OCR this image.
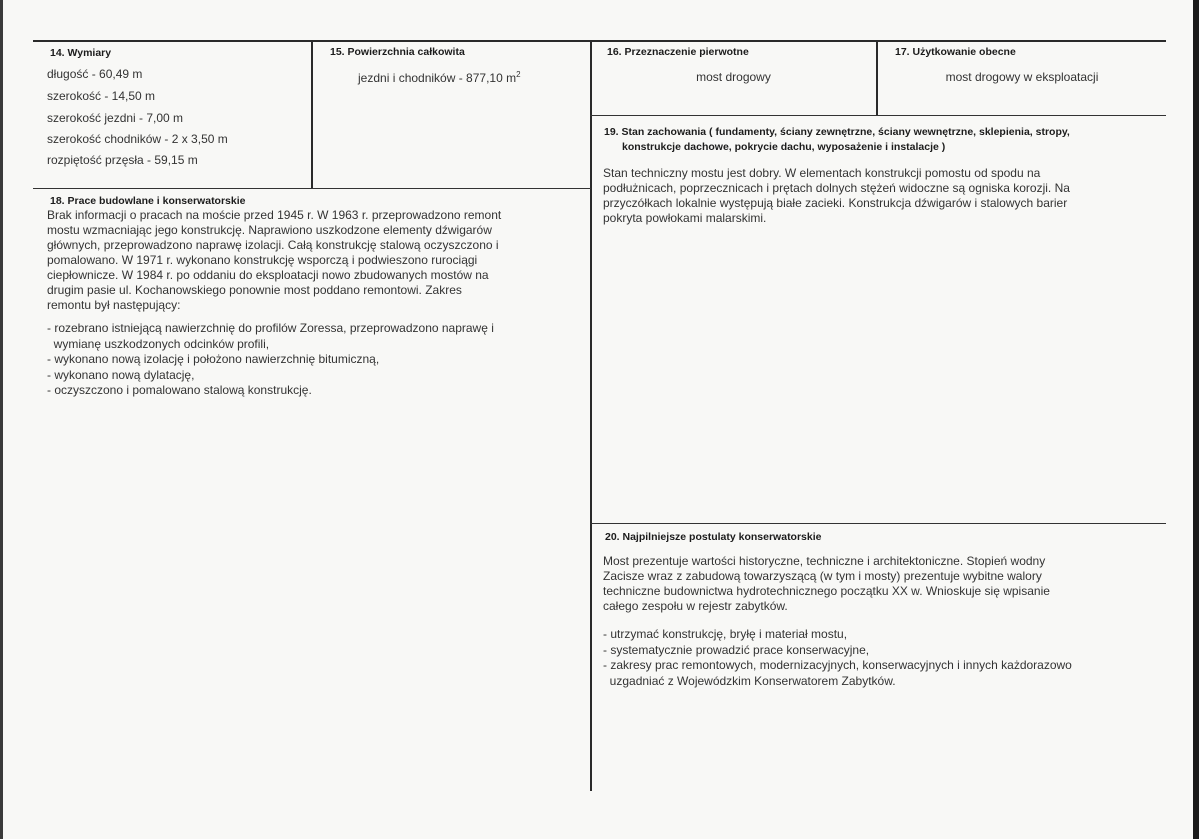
14. Wymiary
długość - 60,49 m
szerokość - 14,50 m
szerokość jezdni - 7,00 m
szerokość chodników - 2 x 3,50 m
rozpiętość przęsła - 59,15 m
15. Powierzchnia całkowita
jezdni i chodników - 877,10 $m^2$
16. Przeznaczenie pierwotne
most drogowy
17. Użytkowanie obecne
most drogowy w eksploatacji
18. Prace budowlane i konserwatorskie
Brak informacji o pracach na moście przed 1945 r. W 1963 r. przeprowadzono remont
mostu wzmacniając jego konstrukcję. Naprawiono uszkodzone elementy dźwigarów
głównych, przeprowadzono naprawę izolacji. Całą konstrukcję stalową oczyszczono i
pomalowano. W 1971 r. wykonano konstrukcję wsporczą i podwieszono rurociągi
ciepłownicze. W 1984 r. po oddaniu do eksploatacji nowo zbudowanych mostów na
drugim pasie ul. Kochanowskiego ponownie most poddano remontowi. Zakres
remontu był następujący:
- rozebrano istniejącą nawierzchnię do profilów Zoressa, przeprowadzono naprawę i
wymianę uszkodzonych odcinków profili,
- wykonano nową izolację i położono nawierzchnię bitumiczną,
- wykonano nową dylatację,
- oczyszczono i pomalowano stalową konstrukcję.
19. Stan zachowania ( fundamenty, ściany zewnętrzne, ściany wewnętrzne, sklepienia, stropy,
konstrukcje dachowe, pokrycie dachu, wyposażenie i instalacje )
Stan techniczny mostu jest dobry. W elementach konstrukcji pomostu od spodu na
podłużnicach, poprzecznicach i prętach dolnych stężeń widoczne są ogniska korozji. Na
przyczółkach lokalnie występują białe zacieki. Konstrukcja dźwigarów i stalowych barier
pokryta powłokami malarskimi.
20. Najpilniejsze postulaty konserwatorskie
Most prezentuje wartości historyczne, techniczne i architektoniczne. Stopień wodny
Zacisze wraz z zabudową towarzyszącą (w tym i mosty) prezentuje wybitne walory
techniczne budownictwa hydrotechnicznego początku XX w. Wnioskuje się wpisanie
całego zespołu w rejestr zabytków.
- utrzymać konstrukcję, bryłę i materiał mostu,
- systematycznie prowadzić prace konserwacyjne,
- zakresy prac remontowych, modernizacyjnych, konserwacyjnych i innych każdorazowo
uzgadniać z Wojewódzkim Konserwatorem Zabytków.
